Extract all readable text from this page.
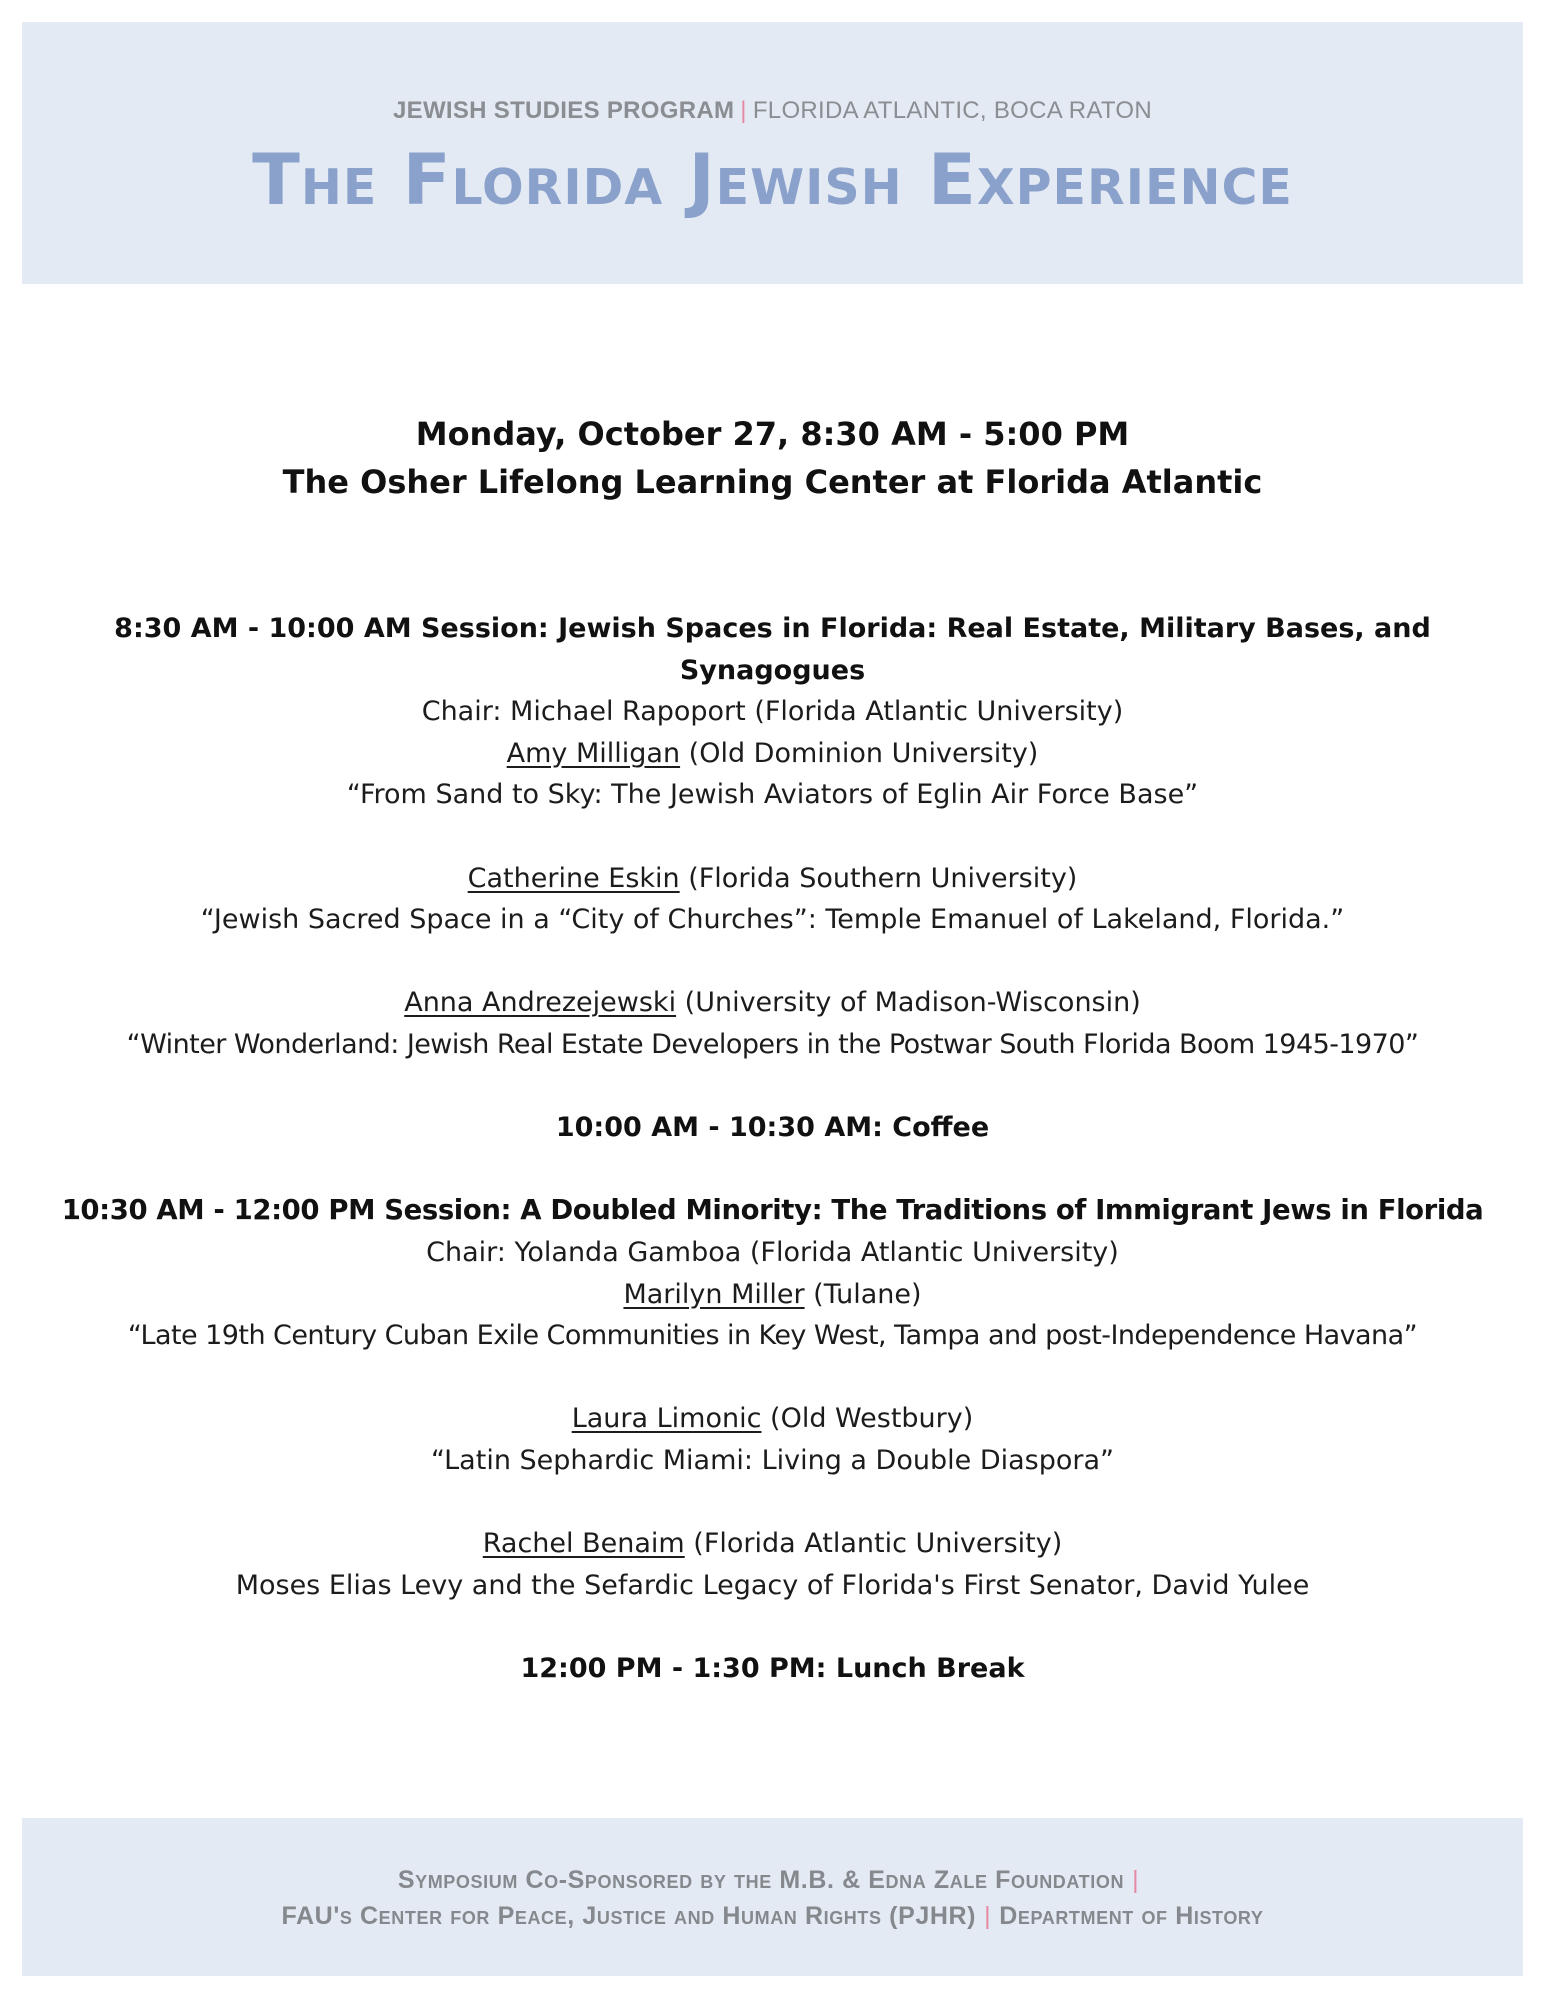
JEWISH STUDIES PROGRAM | FLORIDA ATLANTIC, BOCA RATON
The Florida Jewish Experience
Monday, October 27, 8:30 AM - 5:00 PM
The Osher Lifelong Learning Center at Florida Atlantic

8:30 AM - 10:00 AM Session: Jewish Spaces in Florida: Real Estate, Military Bases, and Synagogues

Chair: Michael Rapoport (Florida Atlantic University)

Amy Milligan (Old Dominion University)

“From Sand to Sky: The Jewish Aviators of Eglin Air Force Base”

Catherine Eskin (Florida Southern University)

“Jewish Sacred Space in a “City of Churches”: Temple Emanuel of Lakeland, Florida.”

Anna Andrezejewski (University of Madison-Wisconsin)

“Winter Wonderland: Jewish Real Estate Developers in the Postwar South Florida Boom 1945-1970”

10:00 AM - 10:30 AM: Coffee

10:30 AM - 12:00 PM Session: A Doubled Minority: The Traditions of Immigrant Jews in Florida

Chair: Yolanda Gamboa (Florida Atlantic University)

Marilyn Miller (Tulane)

“Late 19th Century Cuban Exile Communities in Key West, Tampa and post-Independence Havana”

Laura Limonic (Old Westbury)

“Latin Sephardic Miami: Living a Double Diaspora”

Rachel Benaim (Florida Atlantic University)

Moses Elias Levy and the Sefardic Legacy of Florida's First Senator, David Yulee

12:00 PM - 1:30 PM: Lunch Break

Symposium Co-Sponsored by the M.B. & Edna Zale Foundation |
FAU's Center for Peace, Justice and Human Rights (PJHR) | Department of History
